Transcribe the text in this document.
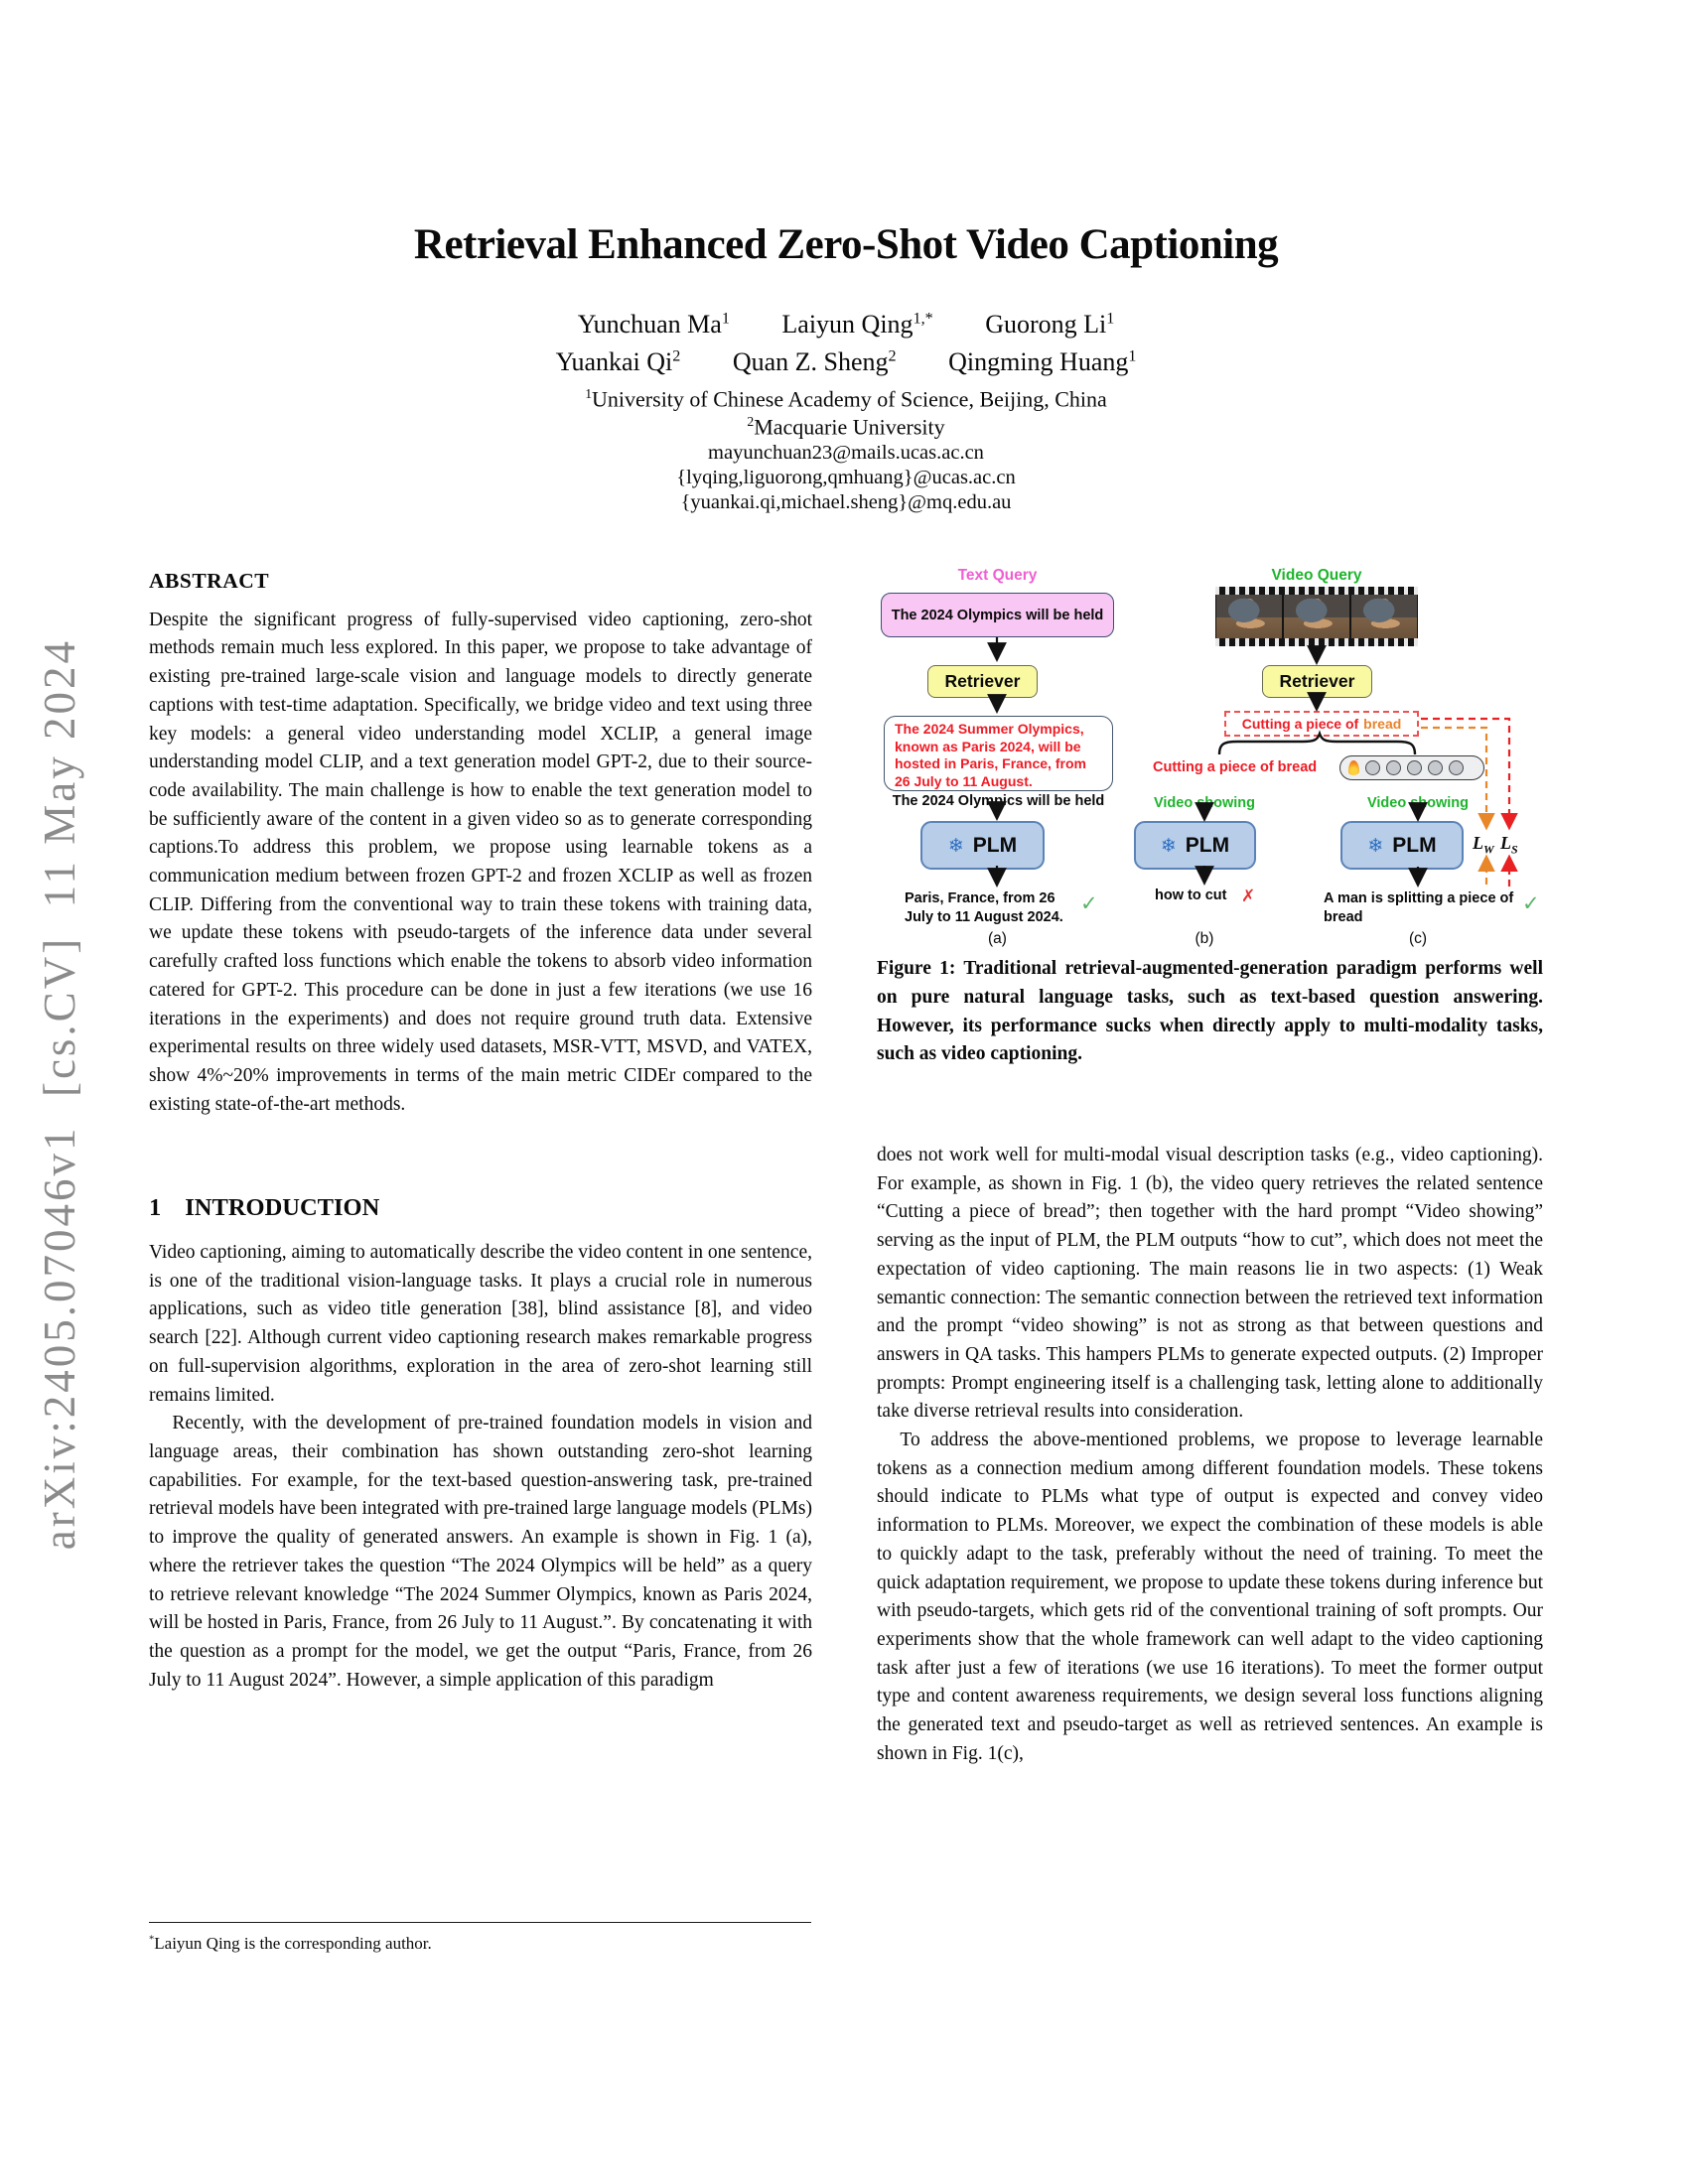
arXiv:2405.07046v1  [cs.CV]  11 May 2024
Retrieval Enhanced Zero-Shot Video Captioning
Yunchuan Ma$^1$ Laiyun Qing$^{1,*}$ Guorong Li$^1$
Yuankai Qi$^2$ Quan Z. Sheng$^2$ Qingming Huang$^1$
$^1$University of Chinese Academy of Science, Beijing, China
$^2$Macquarie University
mayunchuan23@mails.ucas.ac.cn
{lyqing,liguorong,qmhuang}@ucas.ac.cn
{yuankai.qi,michael.sheng}@mq.edu.au
ABSTRACT

Despite the significant progress of fully-supervised video captioning, zero-shot methods remain much less explored. In this paper, we propose to take advantage of existing pre-trained large-scale vision and language models to directly generate captions with test-time adaptation. Specifically, we bridge video and text using three key models: a general video understanding model XCLIP, a general image understanding model CLIP, and a text generation model GPT-2, due to their source-code availability. The main challenge is how to enable the text generation model to be sufficiently aware of the content in a given video so as to generate corresponding captions.To address this problem, we propose using learnable tokens as a communication medium between frozen GPT-2 and frozen XCLIP as well as frozen CLIP. Differing from the conventional way to train these tokens with training data, we update these tokens with pseudo-targets of the inference data under several carefully crafted loss functions which enable the tokens to absorb video information catered for GPT-2. This procedure can be done in just a few iterations (we use 16 iterations in the experiments) and does not require ground truth data. Extensive experimental results on three widely used datasets, MSR-VTT, MSVD, and VATEX, show 4%~20% improvements in terms of the main metric CIDEr compared to the existing state-of-the-art methods.

1 INTRODUCTION

Video captioning, aiming to automatically describe the video content in one sentence, is one of the traditional vision-language tasks. It plays a crucial role in numerous applications, such as video title generation [38], blind assistance [8], and video search [22]. Although current video captioning research makes remarkable progress on full-supervision algorithms, exploration in the area of zero-shot learning still remains limited.

Recently, with the development of pre-trained foundation models in vision and language areas, their combination has shown outstanding zero-shot learning capabilities. For example, for the text-based question-answering task, pre-trained retrieval models have been integrated with pre-trained large language models (PLMs) to improve the quality of generated answers. An example is shown in Fig. 1 (a), where the retriever takes the question “The 2024 Olympics will be held” as a query to retrieve relevant knowledge “The 2024 Summer Olympics, known as Paris 2024, will be hosted in Paris, France, from 26 July to 11 August.”. By concatenating it with the question as a prompt for the model, we get the output “Paris, France, from 26 July to 11 August 2024”. However, a simple application of this paradigm

*Laiyun Qing is the corresponding author.
Text Query
The 2024 Olympics will be held
Retriever
The 2024 Summer Olympics, known as Paris 2024, will be hosted in Paris, France, from 26 July to 11 August.
The 2024 Olympics will be held
❄ PLM
Paris, France, from 26 July to 11 August 2024.
✓
(a)
Video Query
Retriever
Cutting a piece of bread
Cutting a piece of bread
Video showing
❄ PLM
how to cut ✗
(b)
Video showing
❄ PLM
A man is splitting a piece of bread
✓
(c)
$L_W$ $L_S$
Figure 1: Traditional retrieval-augmented-generation paradigm performs well on pure natural language tasks, such as text-based question answering. However, its performance sucks when directly apply to multi-modality tasks, such as video captioning.

does not work well for multi-modal visual description tasks (e.g., video captioning). For example, as shown in Fig. 1 (b), the video query retrieves the related sentence “Cutting a piece of bread”; then together with the hard prompt “Video showing” serving as the input of PLM, the PLM outputs “how to cut”, which does not meet the expectation of video captioning. The main reasons lie in two aspects: (1) Weak semantic connection: The semantic connection between the retrieved text information and the prompt “video showing” is not as strong as that between questions and answers in QA tasks. This hampers PLMs to generate expected outputs. (2) Improper prompts: Prompt engineering itself is a challenging task, letting alone to additionally take diverse retrieval results into consideration.

To address the above-mentioned problems, we propose to leverage learnable tokens as a connection medium among different foundation models. These tokens should indicate to PLMs what type of output is expected and convey video information to PLMs. Moreover, we expect the combination of these models is able to quickly adapt to the task, preferably without the need of training. To meet the quick adaptation requirement, we propose to update these tokens during inference but with pseudo-targets, which gets rid of the conventional training of soft prompts. Our experiments show that the whole framework can well adapt to the video captioning task after just a few of iterations (we use 16 iterations). To meet the former output type and content awareness requirements, we design several loss functions aligning the generated text and pseudo-target as well as retrieved sentences. An example is shown in Fig. 1(c),
